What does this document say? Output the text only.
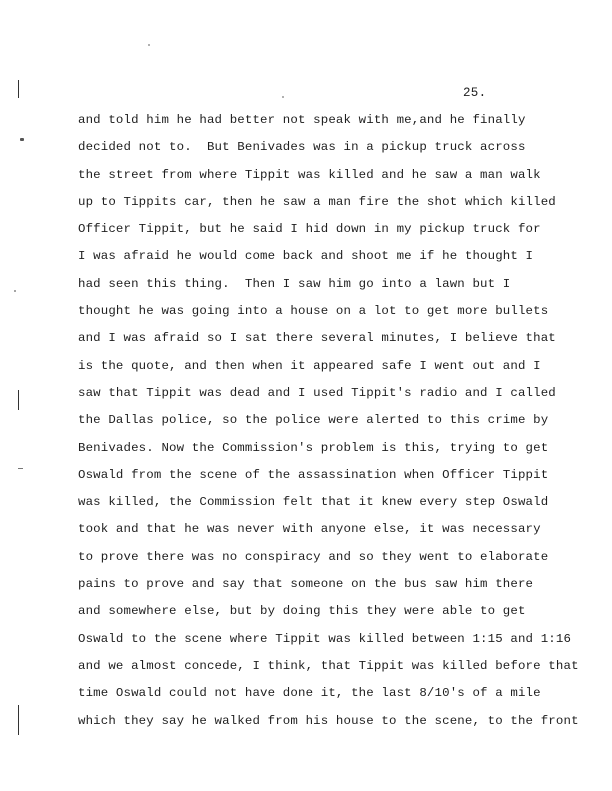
25.
and told him he had better not speak with me,and he finally
decided not to.  But Benivades was in a pickup truck across
the street from where Tippit was killed and he saw a man walk
up to Tippits car, then he saw a man fire the shot which killed
Officer Tippit, but he said I hid down in my pickup truck for
I was afraid he would come back and shoot me if he thought I
had seen this thing.  Then I saw him go into a lawn but I
thought he was going into a house on a lot to get more bullets
and I was afraid so I sat there several minutes, I believe that
is the quote, and then when it appeared safe I went out and I
saw that Tippit was dead and I used Tippit's radio and I called
the Dallas police, so the police were alerted to this crime by
Benivades. Now the Commission's problem is this, trying to get
Oswald from the scene of the assassination when Officer Tippit
was killed, the Commission felt that it knew every step Oswald
took and that he was never with anyone else, it was necessary
to prove there was no conspiracy and so they went to elaborate
pains to prove and say that someone on the bus saw him there
and somewhere else, but by doing this they were able to get
Oswald to the scene where Tippit was killed between 1:15 and 1:16
and we almost concede, I think, that Tippit was killed before that
time Oswald could not have done it, the last 8/10's of a mile
which they say he walked from his house to the scene, to the front
